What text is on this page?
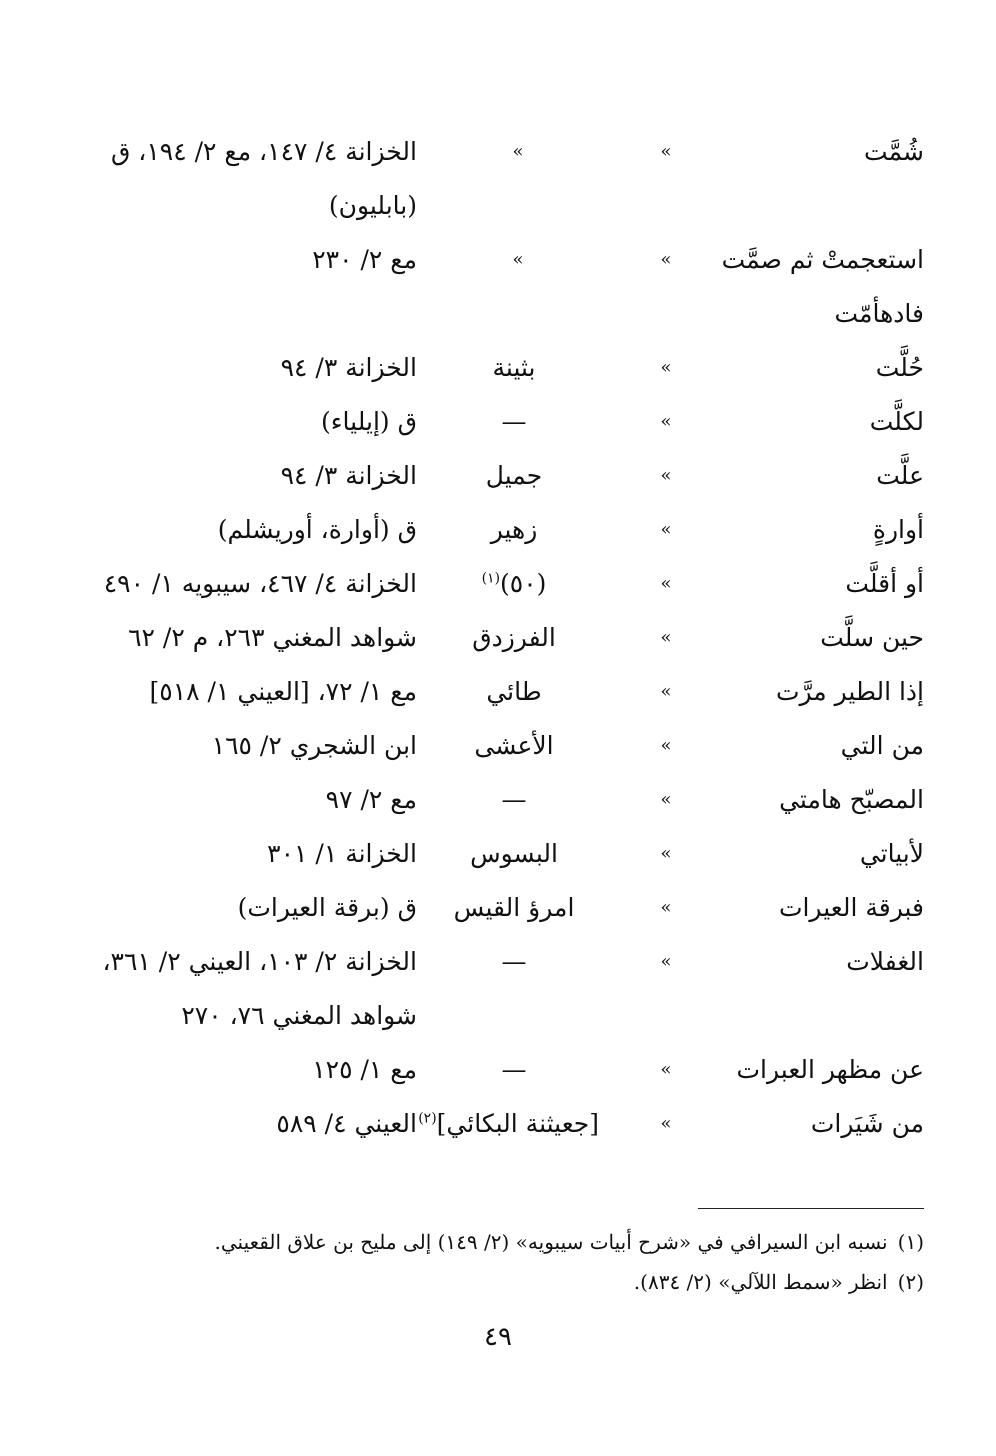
شُمَّت
»
»
الخزانة ٤/ ١٤٧، مع ٢/ ١٩٤، ق
(بابليون)
استعجمتْ ثم صمَّت
»
»
مع ٢/ ٢٣٠
فادهأمّت
حُلَّت
»
بثينة
الخزانة ٣/ ٩٤
لكلَّت
»
—
ق (إيلياء)
علَّت
»
جميل
الخزانة ٣/ ٩٤
أوارةٍ
»
زهير
ق (أوارة، أوريشلم)
أو أقلَّت
»
(٥٠)$^{(١)}$
الخزانة ٤/ ٤٦٧، سيبويه ١/ ٤٩٠
حين سلَّت
»
الفرزدق
شواهد المغني ٢٦٣، م ٢/ ٦٢
إذا الطير مرَّت
»
طائي
مع ١/ ٧٢، [العيني ١/ ٥١٨]
من التي
»
الأعشى
ابن الشجري ٢/ ١٦٥
المصبّح هامتي
»
—
مع ٢/ ٩٧
لأبياتي
»
البسوس
الخزانة ١/ ٣٠١
فبرقة العيرات
»
امرؤ القيس
ق (برقة العيرات)
الغفلات
»
—
الخزانة ٢/ ١٠٣، العيني ٢/ ٣٦١،
شواهد المغني ٧٦، ٢٧٠
عن مظهر العبرات
»
—
مع ١/ ١٢٥
من شَيَرات
»
[جعيثنة البكائي]$^{(٢)}$
العيني ٤/ ٥٨٩
(١)نسبه ابن السيرافي في «شرح أبيات سيبويه» (٢/ ١٤٩) إلى مليح بن علاق القعيني.
(٢)انظر «سمط اللآلي» (٢/ ٨٣٤).
٤٩
